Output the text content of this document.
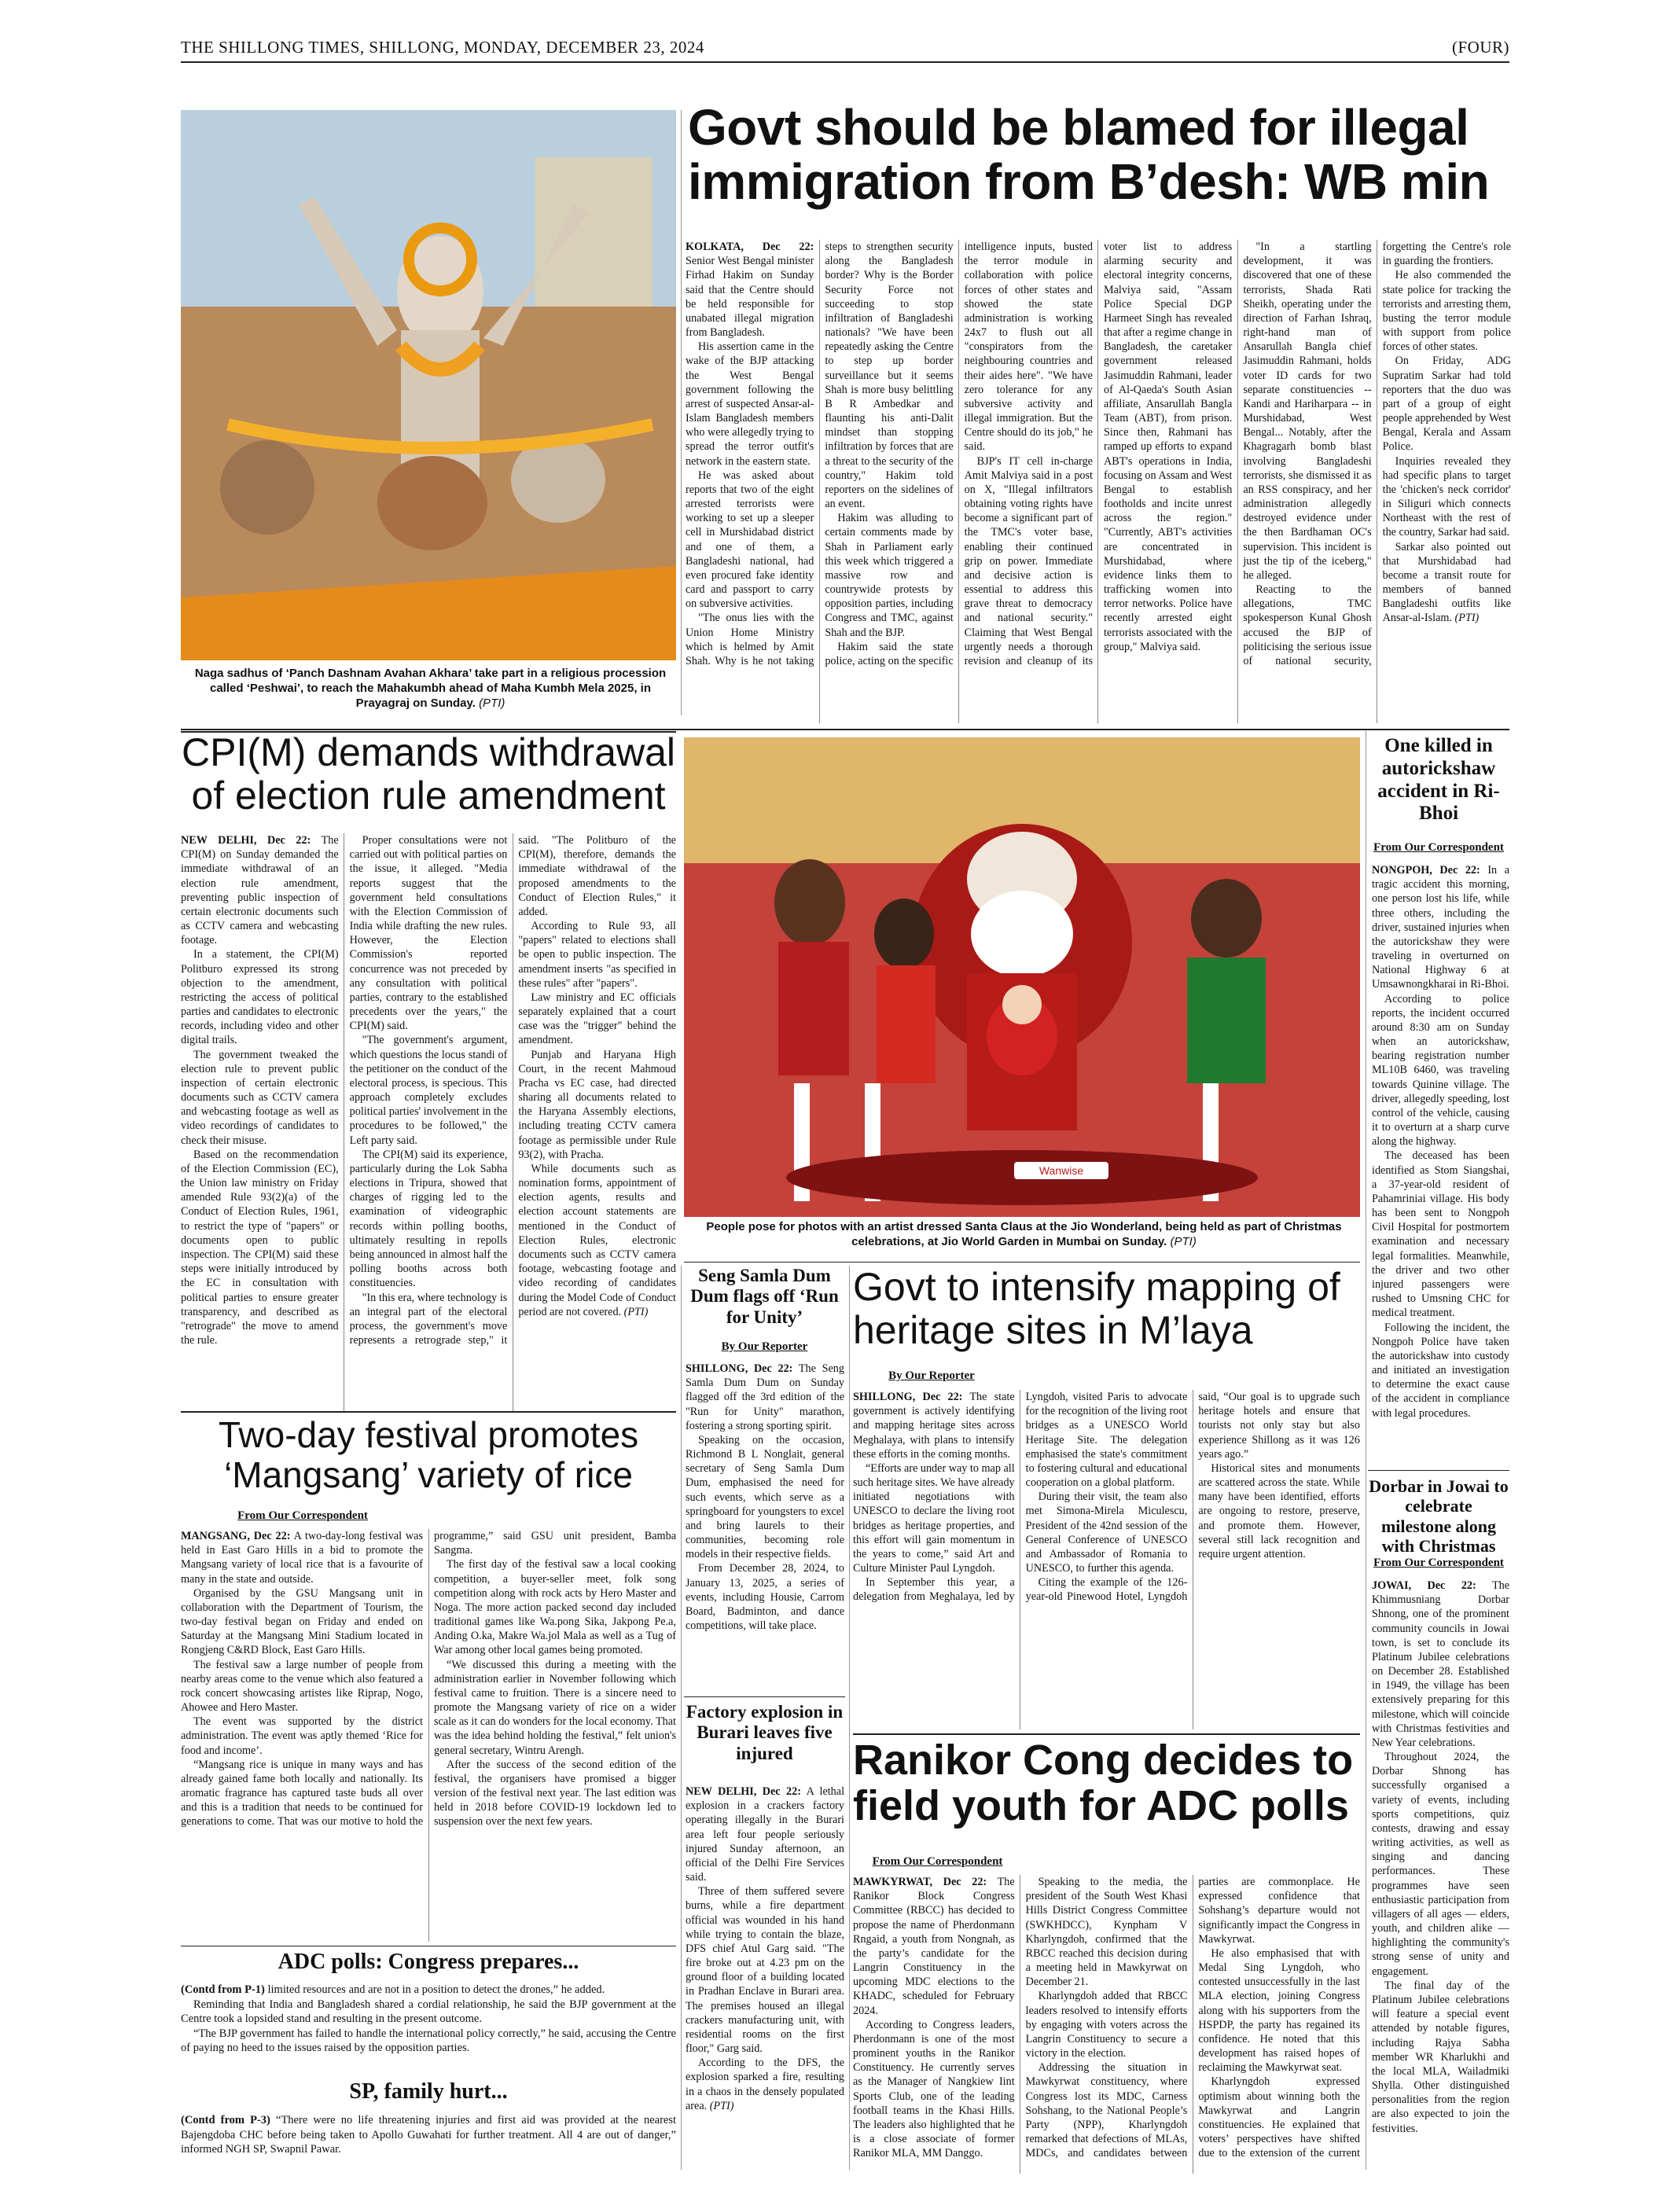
THE SHILLONG TIMES, SHILLONG, MONDAY, DECEMBER 23, 2024	(FOUR)
Naga sadhus of ‘Panch Dashnam Avahan Akhara’ take part in a religious procession called ‘Peshwai’, to reach the Mahakumbh ahead of Maha Kumbh Mela 2025, in Prayagraj on Sunday. (PTI)
Govt should be blamed for illegal immigration from B’desh: WB min

KOLKATA, Dec 22: Senior West Bengal minister Firhad Hakim on Sunday said that the Centre should be held responsible for unabated illegal migration from Bangladesh.

His assertion came in the wake of the BJP attacking the West Bengal government following the arrest of suspected Ansar-al-Islam Bangladesh members who were allegedly trying to spread the terror outfit's network in the eastern state.

He was asked about reports that two of the eight arrested terrorists were working to set up a sleeper cell in Murshidabad district and one of them, a Bangladeshi national, had even procured fake identity card and passport to carry on subversive activities.

"The onus lies with the Union Home Ministry which is helmed by Amit Shah. Why is he not taking steps to strengthen security along the Bangladesh border? Why is the Border Security Force not succeeding to stop infiltration of Bangladeshi nationals? "We have been repeatedly asking the Centre to step up border surveillance but it seems Shah is more busy belittling B R Ambedkar and flaunting his anti-Dalit mindset than stopping infiltration by forces that are a threat to the security of the country," Hakim told reporters on the sidelines of an event.

Hakim was alluding to certain comments made by Shah in Parliament early this week which triggered a massive row and countrywide protests by opposition parties, including Congress and TMC, against Shah and the BJP.

Hakim said the state police, acting on the specific intelligence inputs, busted the terror module in collaboration with police forces of other states and showed the state administration is working 24x7 to flush out all "conspirators from the neighbouring countries and their aides here". "We have zero tolerance for any subversive activity and illegal immigration. But the Centre should do its job," he said.

BJP's IT cell in-charge Amit Malviya said in a post on X, "Illegal infiltrators obtaining voting rights have become a significant part of the TMC's voter base, enabling their continued grip on power. Immediate and decisive action is essential to address this grave threat to democracy and national security." Claiming that West Bengal urgently needs a thorough revision and cleanup of its voter list to address alarming security and electoral integrity concerns, Malviya said, "Assam Police Special DGP Harmeet Singh has revealed that after a regime change in Bangladesh, the caretaker government released Jasimuddin Rahmani, leader of Al-Qaeda's South Asian affiliate, Ansarullah Bangla Team (ABT), from prison. Since then, Rahmani has ramped up efforts to expand ABT's operations in India, focusing on Assam and West Bengal to establish footholds and incite unrest across the region." "Currently, ABT's activities are concentrated in Murshidabad, where evidence links them to trafficking women into terror networks. Police have recently arrested eight terrorists associated with the group," Malviya said.

"In a startling development, it was discovered that one of these terrorists, Shada Rati Sheikh, operating under the direction of Farhan Ishraq, right-hand man of Ansarullah Bangla chief Jasimuddin Rahmani, holds voter ID cards for two separate constituencies -- Kandi and Hariharpara -- in Murshidabad, West Bengal... Notably, after the Khagragarh bomb blast involving Bangladeshi terrorists, she dismissed it as an RSS conspiracy, and her administration allegedly destroyed evidence under the then Bardhaman OC's supervision. This incident is just the tip of the iceberg," he alleged.

Reacting to the allegations, TMC spokesperson Kunal Ghosh accused the BJP of politicising the serious issue of national security, forgetting the Centre's role in guarding the frontiers.

He also commended the state police for tracking the terrorists and arresting them, busting the terror module with support from police forces of other states.

On Friday, ADG Supratim Sarkar had told reporters that the duo was part of a group of eight people apprehended by West Bengal, Kerala and Assam Police.

Inquiries revealed they had specific plans to target the 'chicken's neck corridor' in Siliguri which connects Northeast with the rest of the country, Sarkar had said.

Sarkar also pointed out that Murshidabad had become a transit route for members of banned Bangladeshi outfits like Ansar-al-Islam. (PTI)

CPI(M) demands withdrawal of election rule amendment

NEW DELHI, Dec 22: The CPI(M) on Sunday demanded the immediate withdrawal of an election rule amendment, preventing public inspection of certain electronic documents such as CCTV camera and webcasting footage.

In a statement, the CPI(M) Politburo expressed its strong objection to the amendment, restricting the access of political parties and candidates to electronic records, including video and other digital trails.

The government tweaked the election rule to prevent public inspection of certain electronic documents such as CCTV camera and webcasting footage as well as video recordings of candidates to check their misuse.

Based on the recommendation of the Election Commission (EC), the Union law ministry on Friday amended Rule 93(2)(a) of the Conduct of Election Rules, 1961, to restrict the type of "papers" or documents open to public inspection. The CPI(M) said these steps were initially introduced by the EC in consultation with political parties to ensure greater transparency, and described as "retrograde" the move to amend the rule.

Proper consultations were not carried out with political parties on the issue, it alleged. "Media reports suggest that the government held consultations with the Election Commission of India while drafting the new rules. However, the Election Commission's reported concurrence was not preceded by any consultation with political parties, contrary to the established precedents over the years," the CPI(M) said.

"The government's argument, which questions the locus standi of the petitioner on the conduct of the electoral process, is specious. This approach completely excludes political parties' involvement in the procedures to be followed," the Left party said.

The CPI(M) said its experience, particularly during the Lok Sabha elections in Tripura, showed that charges of rigging led to the examination of videographic records within polling booths, ultimately resulting in repolls being announced in almost half the polling booths across both constituencies.

"In this era, where technology is an integral part of the electoral process, the government's move represents a retrograde step," it said. "The Politburo of the CPI(M), therefore, demands the immediate withdrawal of the proposed amendments to the Conduct of Election Rules," it added.

According to Rule 93, all "papers" related to elections shall be open to public inspection. The amendment inserts "as specified in these rules" after "papers".

Law ministry and EC officials separately explained that a court case was the "trigger" behind the amendment.

Punjab and Haryana High Court, in the recent Mahmoud Pracha vs EC case, had directed sharing all documents related to the Haryana Assembly elections, including treating CCTV camera footage as permissible under Rule 93(2), with Pracha.

While documents such as nomination forms, appointment of election agents, results and election account statements are mentioned in the Conduct of Election Rules, electronic documents such as CCTV camera footage, webcasting footage and video recording of candidates during the Model Code of Conduct period are not covered. (PTI)

Wanwise
People pose for photos with an artist dressed Santa Claus at the Jio Wonderland, being held as part of Christmas celebrations, at Jio World Garden in Mumbai on Sunday. (PTI)
One killed in autorickshaw accident in Ri-Bhoi
From Our Correspondent

NONGPOH, Dec 22: In a tragic accident this morning, one person lost his life, while three others, including the driver, sustained injuries when the autorickshaw they were traveling in overturned on National Highway 6 at Umsawnongkharai in Ri-Bhoi.

According to police reports, the incident occurred around 8:30 am on Sunday when an autorickshaw, bearing registration number ML10B 6460, was traveling towards Quinine village. The driver, allegedly speeding, lost control of the vehicle, causing it to overturn at a sharp curve along the highway.

The deceased has been identified as Stom Siangshai, a 37-year-old resident of Pahamriniai village. His body has been sent to Nongpoh Civil Hospital for postmortem examination and necessary legal formalities. Meanwhile, the driver and two other injured passengers were rushed to Umsning CHC for medical treatment.

Following the incident, the Nongpoh Police have taken the autorickshaw into custody and initiated an investigation to determine the exact cause of the accident in compliance with legal procedures.

Dorbar in Jowai to celebrate milestone along with Christmas
From Our Correspondent

JOWAI, Dec 22: The Khimmusniang Dorbar Shnong, one of the prominent community councils in Jowai town, is set to conclude its Platinum Jubilee celebrations on December 28. Established in 1949, the village has been extensively preparing for this milestone, which will coincide with Christmas festivities and New Year celebrations.

Throughout 2024, the Dorbar Shnong has successfully organised a variety of events, including sports competitions, quiz contests, drawing and essay writing activities, as well as singing and dancing performances. These programmes have seen enthusiastic participation from villagers of all ages — elders, youth, and children alike — highlighting the community's strong sense of unity and engagement.

The final day of the Platinum Jubilee celebrations will feature a special event attended by notable figures, including Rajya Sabha member WR Kharlukhi and the local MLA, Wailadmiki Shylla. Other distinguished personalities from the region are also expected to join the festivities.

Two-day festival promotes ‘Mangsang’ variety of rice
From Our Correspondent

MANGSANG, Dec 22: A two-day-long festival was held in East Garo Hills in a bid to promote the Mangsang variety of local rice that is a favourite of many in the state and outside.

Organised by the GSU Mangsang unit in collaboration with the Department of Tourism, the two-day festival began on Friday and ended on Saturday at the Mangsang Mini Stadium located in Rongjeng C&RD Block, East Garo Hills.

The festival saw a large number of people from nearby areas come to the venue which also featured a rock concert showcasing artistes like Riprap, Nogo, Ahowee and Hero Master.

The event was supported by the district administration. The event was aptly themed ‘Rice for food and income’.

“Mangsang rice is unique in many ways and has already gained fame both locally and nationally. Its aromatic fragrance has captured taste buds all over and this is a tradition that needs to be continued for generations to come. That was our motive to hold the programme,” said GSU unit president, Bamba Sangma.

The first day of the festival saw a local cooking competition, a buyer-seller meet, folk song competition along with rock acts by Hero Master and Noga. The more action packed second day included traditional games like Wa.pong Sika, Jakpong Pe.a, Anding O.ka, Makre Wa.jol Mala as well as a Tug of War among other local games being promoted.

“We discussed this during a meeting with the administration earlier in November following which festival came to fruition. There is a sincere need to promote the Mangsang variety of rice on a wider scale as it can do wonders for the local economy. That was the idea behind holding the festival,” felt union's general secretary, Wintru Arengh.

After the success of the second edition of the festival, the organisers have promised a bigger version of the festival next year. The last edition was held in 2018 before COVID-19 lockdown led to suspension over the next few years.

ADC polls: Congress prepares...

(Contd from P-1) limited resources and are not in a position to detect the drones,” he added.

Reminding that India and Bangladesh shared a cordial relationship, he said the BJP government at the Centre took a lopsided stand and resulting in the present outcome.

“The BJP government has failed to handle the international policy correctly,” he said, accusing the Centre of paying no heed to the issues raised by the opposition parties.

SP, family hurt...

(Contd from P-3) “There were no life threatening injuries and first aid was provided at the nearest Bajengdoba CHC before being taken to Apollo Guwahati for further treatment. All 4 are out of danger,” informed NGH SP, Swapnil Pawar.

Seng Samla Dum Dum flags off ‘Run for Unity’
By Our Reporter

SHILLONG, Dec 22: The Seng Samla Dum Dum on Sunday flagged off the 3rd edition of the "Run for Unity" marathon, fostering a strong sporting spirit.

Speaking on the occasion, Richmond B L Nonglait, general secretary of Seng Samla Dum Dum, emphasised the need for such events, which serve as a springboard for youngsters to excel and bring laurels to their communities, becoming role models in their respective fields.

From December 28, 2024, to January 13, 2025, a series of events, including Housie, Carrom Board, Badminton, and dance competitions, will take place.

Factory explosion in Burari leaves five injured

NEW DELHI, Dec 22: A lethal explosion in a crackers factory operating illegally in the Burari area left four people seriously injured Sunday afternoon, an official of the Delhi Fire Services said.

Three of them suffered severe burns, while a fire department official was wounded in his hand while trying to contain the blaze, DFS chief Atul Garg said. "The fire broke out at 4.23 pm on the ground floor of a building located in Pradhan Enclave in Burari area. The premises housed an illegal crackers manufacturing unit, with residential rooms on the first floor," Garg said.

According to the DFS, the explosion sparked a fire, resulting in a chaos in the densely populated area. (PTI)

Govt to intensify mapping of heritage sites in M’laya
By Our Reporter

SHILLONG, Dec 22: The state government is actively identifying and mapping heritage sites across Meghalaya, with plans to intensify these efforts in the coming months.

“Efforts are under way to map all such heritage sites. We have already initiated negotiations with UNESCO to declare the living root bridges as heritage properties, and this effort will gain momentum in the years to come,” said Art and Culture Minister Paul Lyngdoh.

In September this year, a delegation from Meghalaya, led by Lyngdoh, visited Paris to advocate for the recognition of the living root bridges as a UNESCO World Heritage Site. The delegation emphasised the state's commitment to fostering cultural and educational cooperation on a global platform.

During their visit, the team also met Simona-Mirela Miculescu, President of the 42nd session of the General Conference of UNESCO and Ambassador of Romania to UNESCO, to further this agenda.

Citing the example of the 126-year-old Pinewood Hotel, Lyngdoh said, “Our goal is to upgrade such heritage hotels and ensure that tourists not only stay but also experience Shillong as it was 126 years ago.”

Historical sites and monuments are scattered across the state. While many have been identified, efforts are ongoing to restore, preserve, and promote them. However, several still lack recognition and require urgent attention.

Ranikor Cong decides to field youth for ADC polls
From Our Correspondent

MAWKYRWAT, Dec 22: The Ranikor Block Congress Committee (RBCC) has decided to propose the name of Pherdonmann Rngaid, a youth from Nongnah, as the party’s candidate for the Langrin Constituency in the upcoming MDC elections to the KHADC, scheduled for February 2024.

According to Congress leaders, Pherdonmann is one of the most prominent youths in the Ranikor Constituency. He currently serves as the Manager of Nangkiew Iint Sports Club, one of the leading football teams in the Khasi Hills. The leaders also highlighted that he is a close associate of former Ranikor MLA, MM Danggo.

Speaking to the media, the president of the South West Khasi Hills District Congress Committee (SWKHDCC), Kynpham V Kharlyngdoh, confirmed that the RBCC reached this decision during a meeting held in Mawkyrwat on December 21.

Kharlyngdoh added that RBCC leaders resolved to intensify efforts by engaging with voters across the Langrin Constituency to secure a victory in the election.

Addressing the situation in Mawkyrwat constituency, where Congress lost its MDC, Carness Sohshang, to the National People’s Party (NPP), Kharlyngdoh remarked that defections of MLAs, MDCs, and candidates between parties are commonplace. He expressed confidence that Sohshang’s departure would not significantly impact the Congress in Mawkyrwat.

He also emphasised that with Medal Sing Lyngdoh, who contested unsuccessfully in the last MLA election, joining Congress along with his supporters from the HSPDP, the party has regained its confidence. He noted that this development has raised hopes of reclaiming the Mawkyrwat seat.

Kharlyngdoh expressed optimism about winning both the Mawkyrwat and Langrin constituencies. He explained that voters’ perspectives have shifted due to the extension of the current
